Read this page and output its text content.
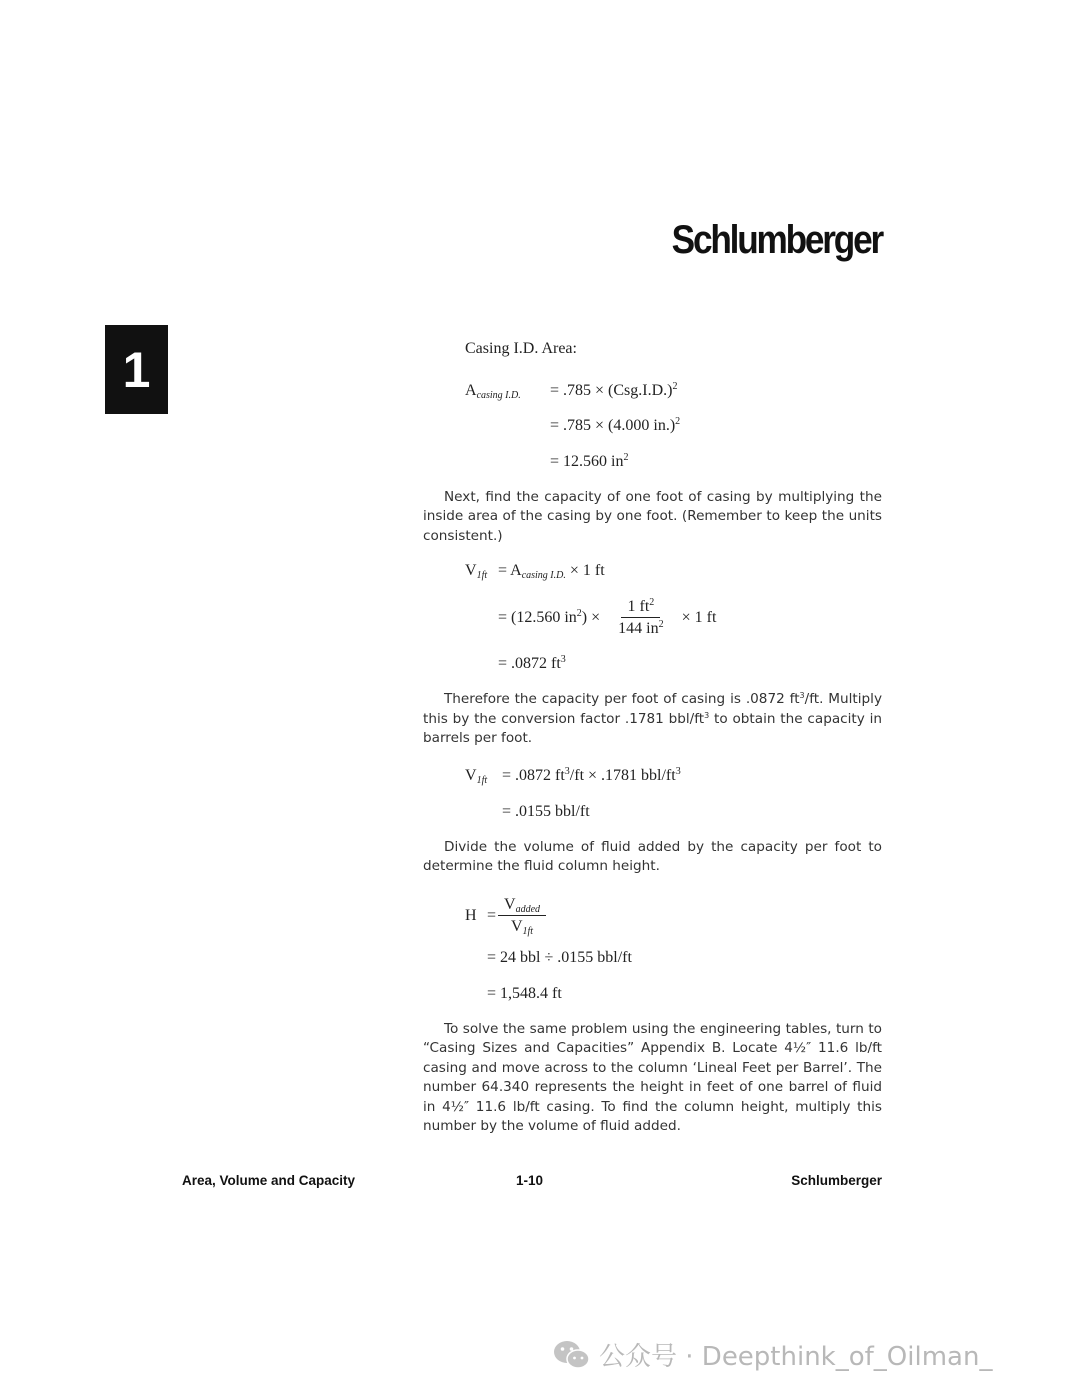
Schlumberger
1	Casing I.D. Area:
$A_{casing I.D.}$	= $.785 \times (Csg.I.D.)^2$
= .785 × (4.000 in.)$^2$
= 12.560 $in^2$

Next, find the capacity of one foot of casing by multiplying the inside area of the casing by one foot. (Remember to keep the units consistent.)

$V_{1ft} = A_{casing I.D.} \times 1$ ft
= (12.560 $in^2) \times \frac{1 ft^2}{144 in^2} \times 1$ ft
= .0872 $ft^3$

Therefore the capacity per foot of casing is .0872 $ft^3/ft$. Multiply this by the conversion factor .1781 bbl/$ft^3$ to obtain the capacity in barrels per foot.

$V_{1ft} = .0872$ $ft^3/ft \times .1781$ bbl/$ft^3$
= .0155 bbl/ft

Divide the volume of fluid added by the capacity per foot to determine the fluid column height.

$H = \frac{V_{added}}{V_{1ft}}$
= 24 bbl ÷ .0155 bbl/ft
= 1,548.4 ft

To solve the same problem using the engineering tables, turn to “Casing Sizes and Capacities” Appendix B. Locate 4½″ 11.6 lb/ft casing and move across to the column ‘Lineal Feet per Barrel’. The number 64.340 represents the height in feet of one barrel of fluid in 4½″ 11.6 lb/ft casing. To find the column height, multiply this number by the volume of fluid added.

Area, Volume and Capacity	1-10	Schlumberger
公众号 · Deepthink_of_Oilman_
